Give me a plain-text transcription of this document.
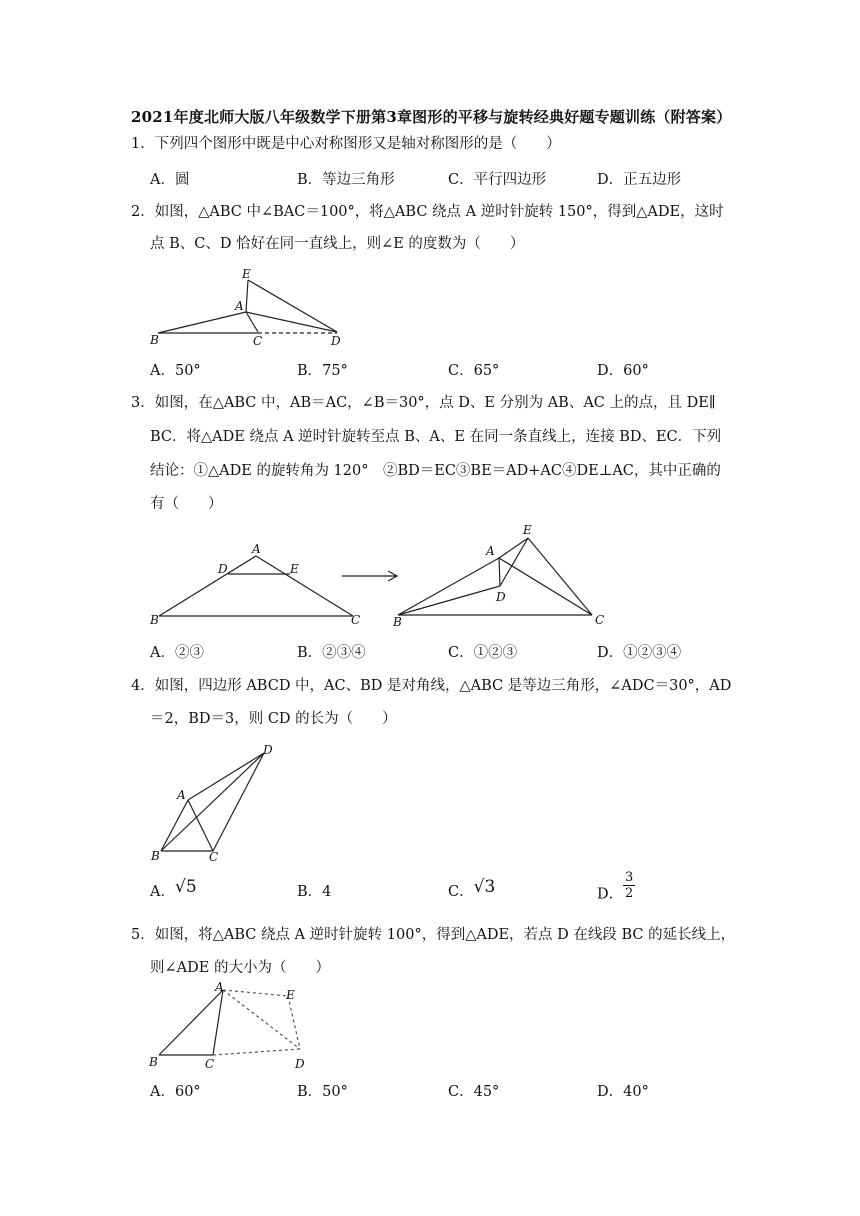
2021年度北师大版八年级数学下册第3章图形的平移与旋转经典好题专题训练（附答案）
1．下列四个图形中既是中心对称图形又是轴对称图形的是（　　）
A．圆	B．等边三角形	C．平行四边形	D．正五边形
2．如图，△ABC 中∠BAC＝100°，将△ABC 绕点 A 逆时针旋转 150°，得到△ADE，这时
点 B、C、D 恰好在同一直线上，则∠E 的度数为（　　）
E
A
B	C	D
A．50°	B．75°	C．65°	D．60°
3．如图，在△ABC 中，AB＝AC，∠B＝30°，点 D、E 分别为 AB、AC 上的点，且 DE∥
BC．将△ADE 绕点 A 逆时针旋转至点 B、A、E 在同一条直线上，连接 BD、EC．下列
结论：①△ADE 的旋转角为 120°　②BD＝EC③BE＝AD+AC④DE⊥AC，其中正确的
有（　　）
A
D	E
B	C
E
A
D
B	C
A．②③	B．②③④	C．①②③	D．①②③④
4．如图，四边形 ABCD 中，AC、BD 是对角线，△ABC 是等边三角形，∠ADC＝30°，AD
＝2，BD＝3，则 CD 的长为（　　）
D
A
B	C
A．√5	B．4	C．√3	D． $\frac{3}{2}$
5．如图，将△ABC 绕点 A 逆时针旋转 100°，得到△ADE，若点 D 在线段 BC 的延长线上，
则∠ADE 的大小为（　　）
A
E
B	C	D
A．60°	B．50°	C．45°	D．40°
